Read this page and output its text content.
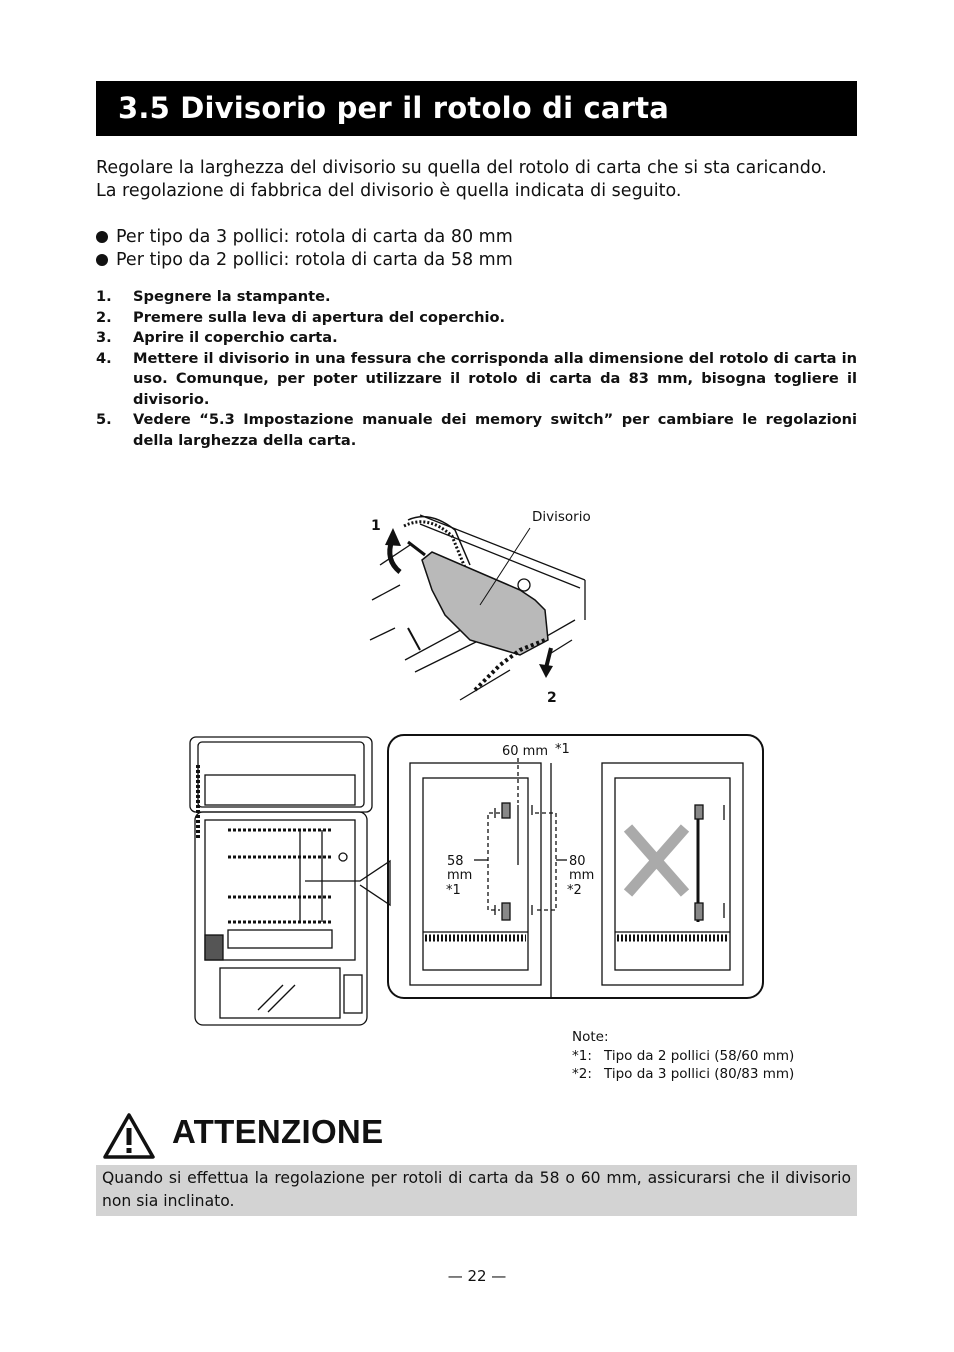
3.5 Divisorio per il rotolo di carta

Regolare la larghezza del divisorio su quella del rotolo di carta che si sta caricando.

La regolazione di fabbrica del divisorio è quella indicata di seguito.

Per tipo da 3 pollici: rotola di carta da 80 mm
Per tipo da 2 pollici: rotola di carta da 58 mm
1.	Spegnere la stampante.
2.	Premere sulla leva di apertura del coperchio.
3.	Aprire il coperchio carta.
4.	Mettere il divisorio in una fessura che corrisponda alla dimensione del rotolo di carta in uso. Comunque, per poter utilizzare il rotolo di carta da 83 mm, bisogna togliere il divisorio.
5.	Vedere “5.3 Impostazione manuale dei memory switch” per cambiare le regolazioni della larghezza della carta.
Divisorio
1
2
60 mm *1
58
mm
*1
80
mm
*2
Note:
*1: Tipo da 2 pollici (58/60 mm)
*2: Tipo da 3 pollici (80/83 mm)
ATTENZIONE
Quando si effettua la regolazione per rotoli di carta da 58 o 60 mm, assicurarsi che il divisorio non sia inclinato.
— 22 —
